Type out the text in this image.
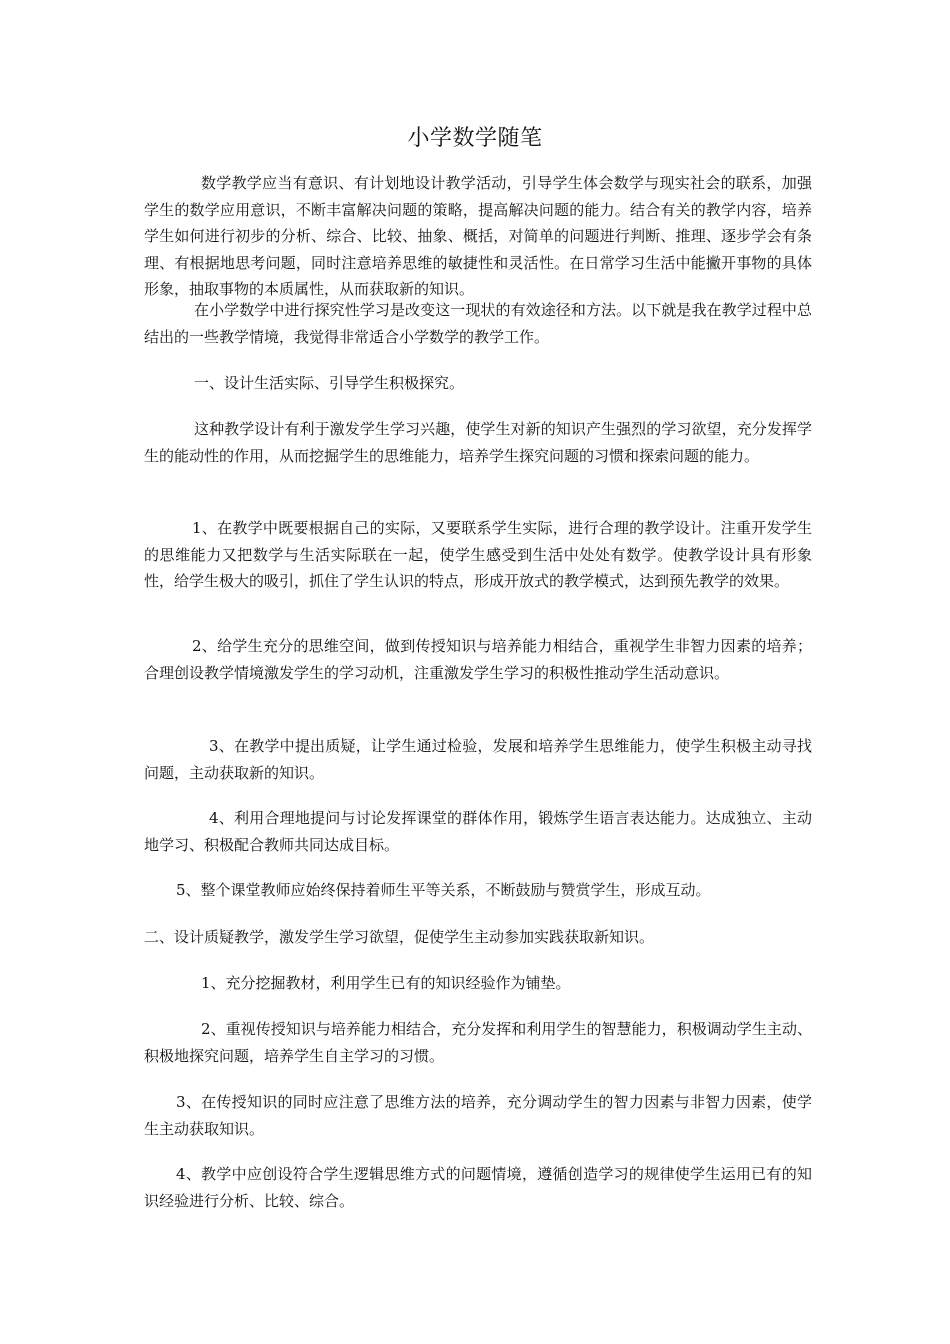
小学数学随笔

数学教学应当有意识、有计划地设计教学活动，引导学生体会数学与现实社会的联系，加强学生的数学应用意识，不断丰富解决问题的策略，提高解决问题的能力。结合有关的教学内容，培养学生如何进行初步的分析、综合、比较、抽象、概括，对简单的问题进行判断、推理、逐步学会有条理、有根据地思考问题，同时注意培养思维的敏捷性和灵活性。在日常学习生活中能撇开事物的具体形象，抽取事物的本质属性，从而获取新的知识。

在小学数学中进行探究性学习是改变这一现状的有效途径和方法。以下就是我在教学过程中总结出的一些教学情境，我觉得非常适合小学数学的教学工作。

一、设计生活实际、引导学生积极探究。

这种教学设计有利于激发学生学习兴趣，使学生对新的知识产生强烈的学习欲望，充分发挥学生的能动性的作用，从而挖掘学生的思维能力，培养学生探究问题的习惯和探索问题的能力。

1、在教学中既要根据自己的实际，又要联系学生实际，进行合理的教学设计。注重开发学生的思维能力又把数学与生活实际联在一起，使学生感受到生活中处处有数学。使教学设计具有形象性，给学生极大的吸引，抓住了学生认识的特点，形成开放式的教学模式，达到预先教学的效果。

2、给学生充分的思维空间，做到传授知识与培养能力相结合，重视学生非智力因素的培养；合理创设教学情境激发学生的学习动机，注重激发学生学习的积极性推动学生活动意识。

3、在教学中提出质疑，让学生通过检验，发展和培养学生思维能力，使学生积极主动寻找问题，主动获取新的知识。

4、利用合理地提问与讨论发挥课堂的群体作用，锻炼学生语言表达能力。达成独立、主动地学习、积极配合教师共同达成目标。

5、整个课堂教师应始终保持着师生平等关系，不断鼓励与赞赏学生，形成互动。

二、设计质疑教学，激发学生学习欲望，促使学生主动参加实践获取新知识。

1、充分挖掘教材，利用学生已有的知识经验作为铺垫。

2、重视传授知识与培养能力相结合，充分发挥和利用学生的智慧能力，积极调动学生主动、积极地探究问题，培养学生自主学习的习惯。

3、在传授知识的同时应注意了思维方法的培养，充分调动学生的智力因素与非智力因素，使学生主动获取知识。

4、教学中应创设符合学生逻辑思维方式的问题情境，遵循创造学习的规律使学生运用已有的知识经验进行分析、比较、综合。
